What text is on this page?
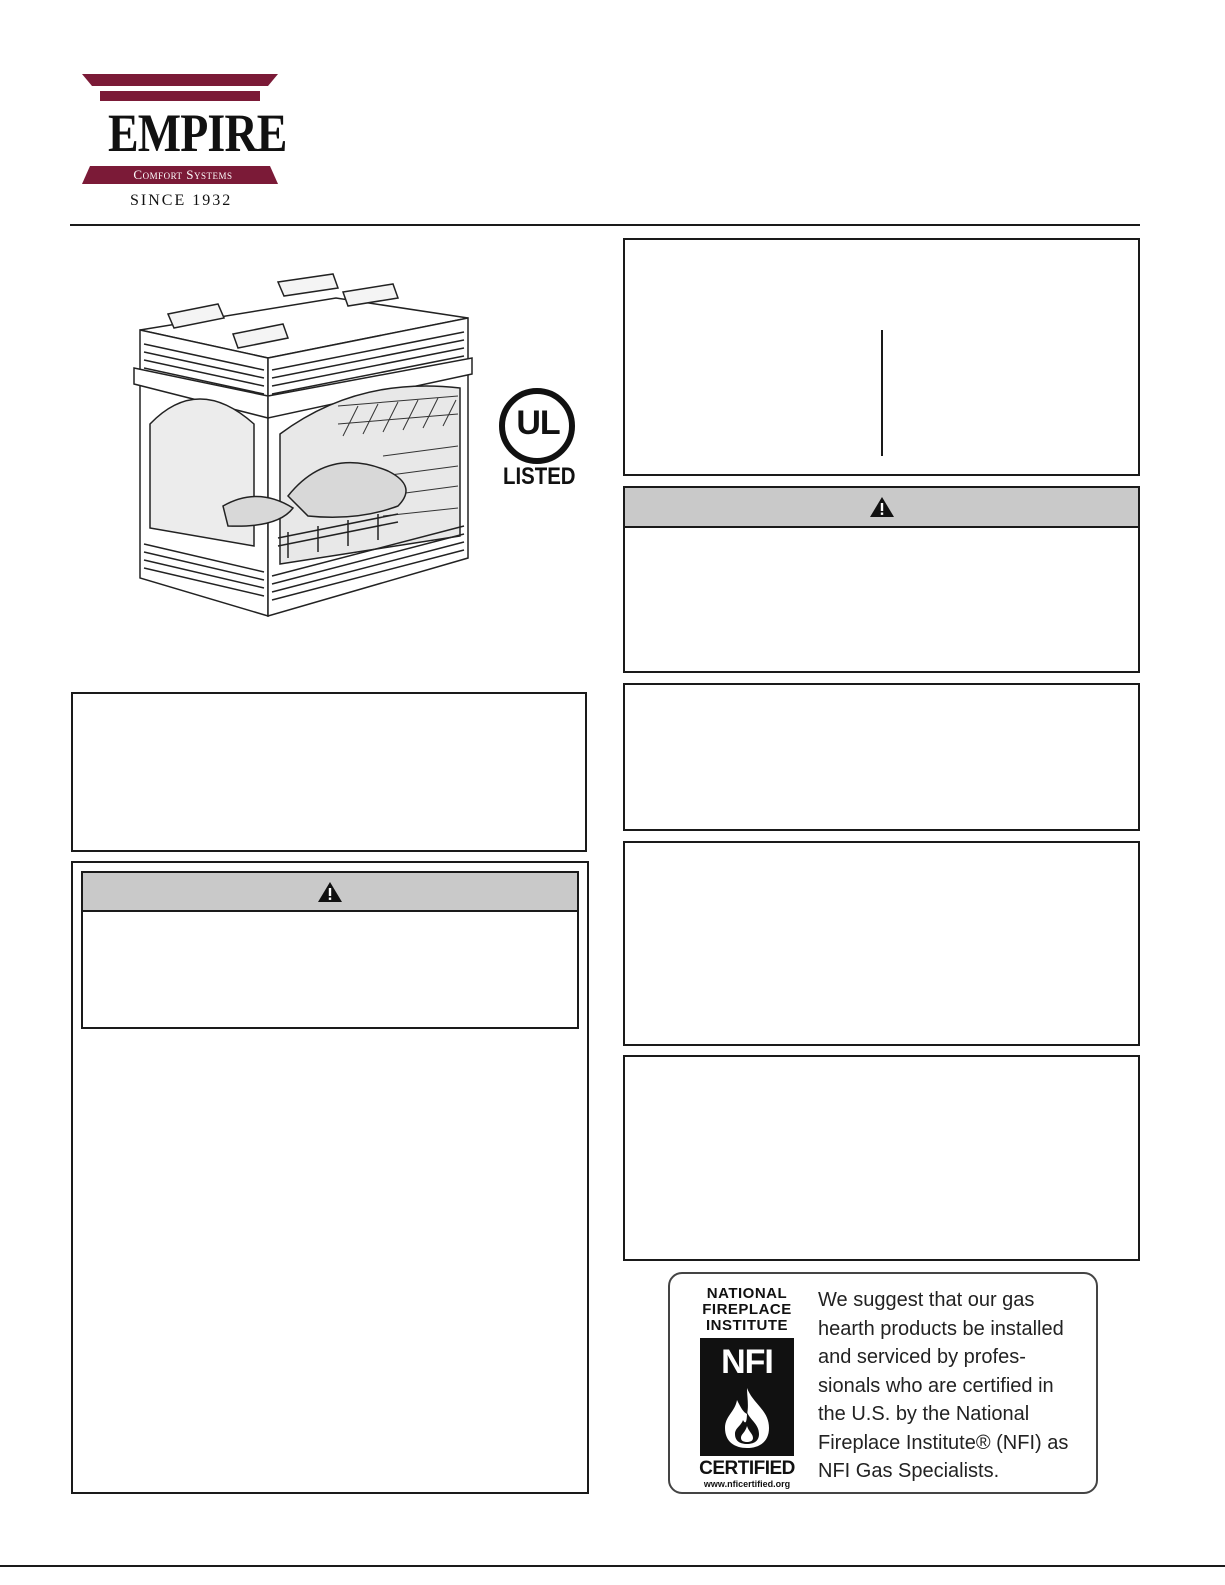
EMPIRE
Comfort Systems
SINCE 1932
UL
LISTED
NATIONAL
FIREPLACE
INSTITUTE
NFI
CERTIFIED
www.nficertified.org
We suggest that our gas
hearth products be installed
and serviced by profes-
sionals who are certified in
the U.S. by the National
Fireplace Institute® (NFI) as
NFI Gas Specialists.
